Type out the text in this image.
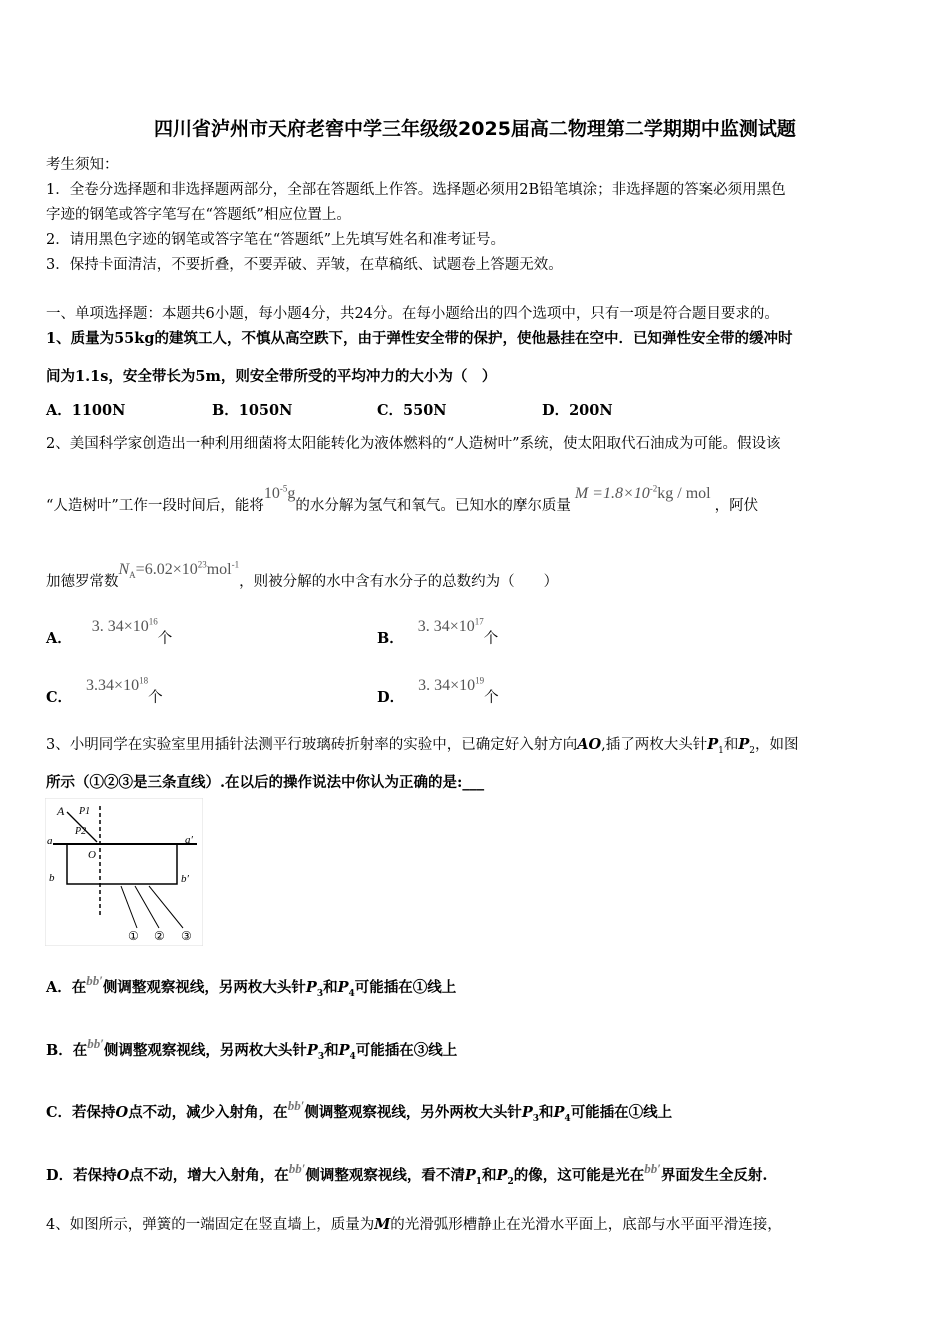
四川省泸州市天府老窖中学三年级级2025届高二物理第二学期期中监测试题
考生须知：
1．全卷分选择题和非选择题两部分，全部在答题纸上作答。选择题必须用2B铅笔填涂；非选择题的答案必须用黑色
字迹的钢笔或答字笔写在“答题纸”相应位置上。
2．请用黑色字迹的钢笔或答字笔在“答题纸”上先填写姓名和准考证号。
3．保持卡面清洁，不要折叠，不要弄破、弄皱，在草稿纸、试题卷上答题无效。
一、单项选择题：本题共6小题，每小题4分，共24分。在每小题给出的四个选项中，只有一项是符合题目要求的。
1、质量为55kg的建筑工人，不慎从高空跌下，由于弹性安全带的保护，使他悬挂在空中．已知弹性安全带的缓冲时
间为1.1s，安全带长为5m，则安全带所受的平均冲力的大小为（　）
A．1100N	B．1050N	C．550N	D．200N
2、美国科学家创造出一种利用细菌将太阳能转化为液体燃料的“人造树叶”系统，使太阳取代石油成为可能。假设该
“人造树叶”工作一段时间后，能将$10^{-5}g$的水分解为氢气和氧气。已知水的摩尔质量$M =1.8\times 10^{-2}kg$ / mol，阿伏
加德罗常数$N_A=6.02\times 10^{23}mol^{-1}$，则被分解的水中含有水分子的总数约为（　　）
A．3. $34\times 10^{16}$个	B．3. $34\times 10^{17}$个
C．$3.34\times 10^{18}$个	D．3. $34\times 10^{19}$个
3、小明同学在实验室里用插针法测平行玻璃砖折射率的实验中，已确定好入射方向AO,插了两枚大头针$P_1$和$P_2$，如图
所示（①②③是三条直线）.在以后的操作说法中你认为正确的是:___
A P1
P2
a	a′
O
b	b′
① ② ③
A．在bb′侧调整观察视线，另两枚大头针$P_3$和$P_4$可能插在①线上
B．在bb′侧调整观察视线，另两枚大头针$P_3$和$P_4$可能插在③线上
C．若保持O点不动，减少入射角，在bb′侧调整观察视线，另外两枚大头针$P_3$和$P_4$可能插在①线上
D．若保持O点不动，增大入射角，在bb′侧调整观察视线，看不清$P_1$和$P_2$的像，这可能是光在bb′界面发生全反射.
4、如图所示，弹簧的一端固定在竖直墙上，质量为M的光滑弧形槽静止在光滑水平面上，底部与水平面平滑连接，
